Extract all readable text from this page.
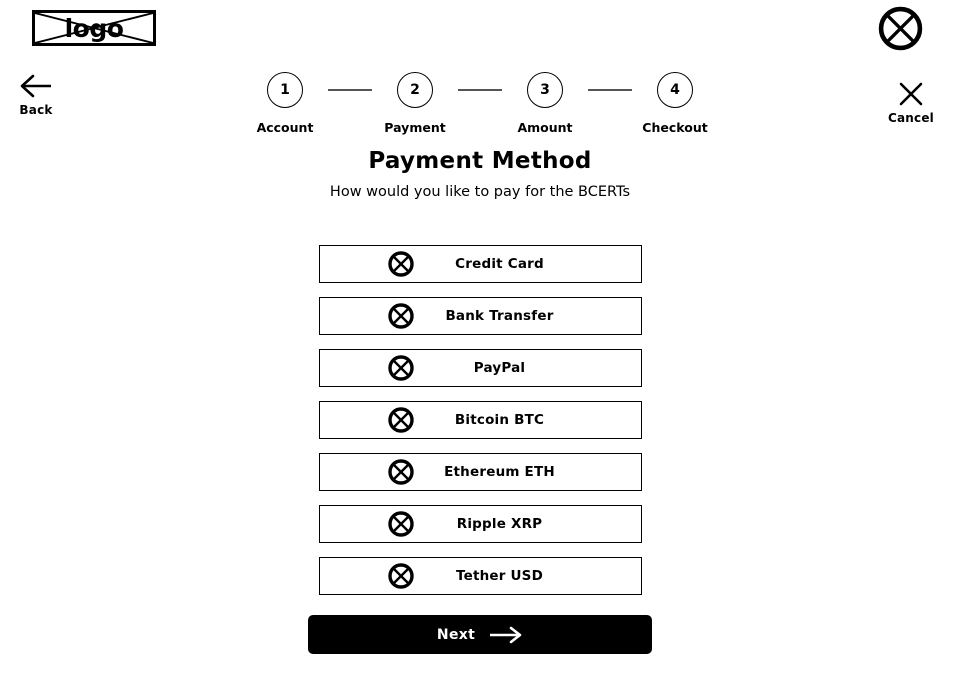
logo
Back
Cancel
1
Account
2
Payment
3
Amount
4
Checkout
Payment Method
How would you like to pay for the BCERTs
Credit Card
Bank Transfer
PayPal
Bitcoin BTC
Ethereum ETH
Ripple XRP
Tether USD
Next
